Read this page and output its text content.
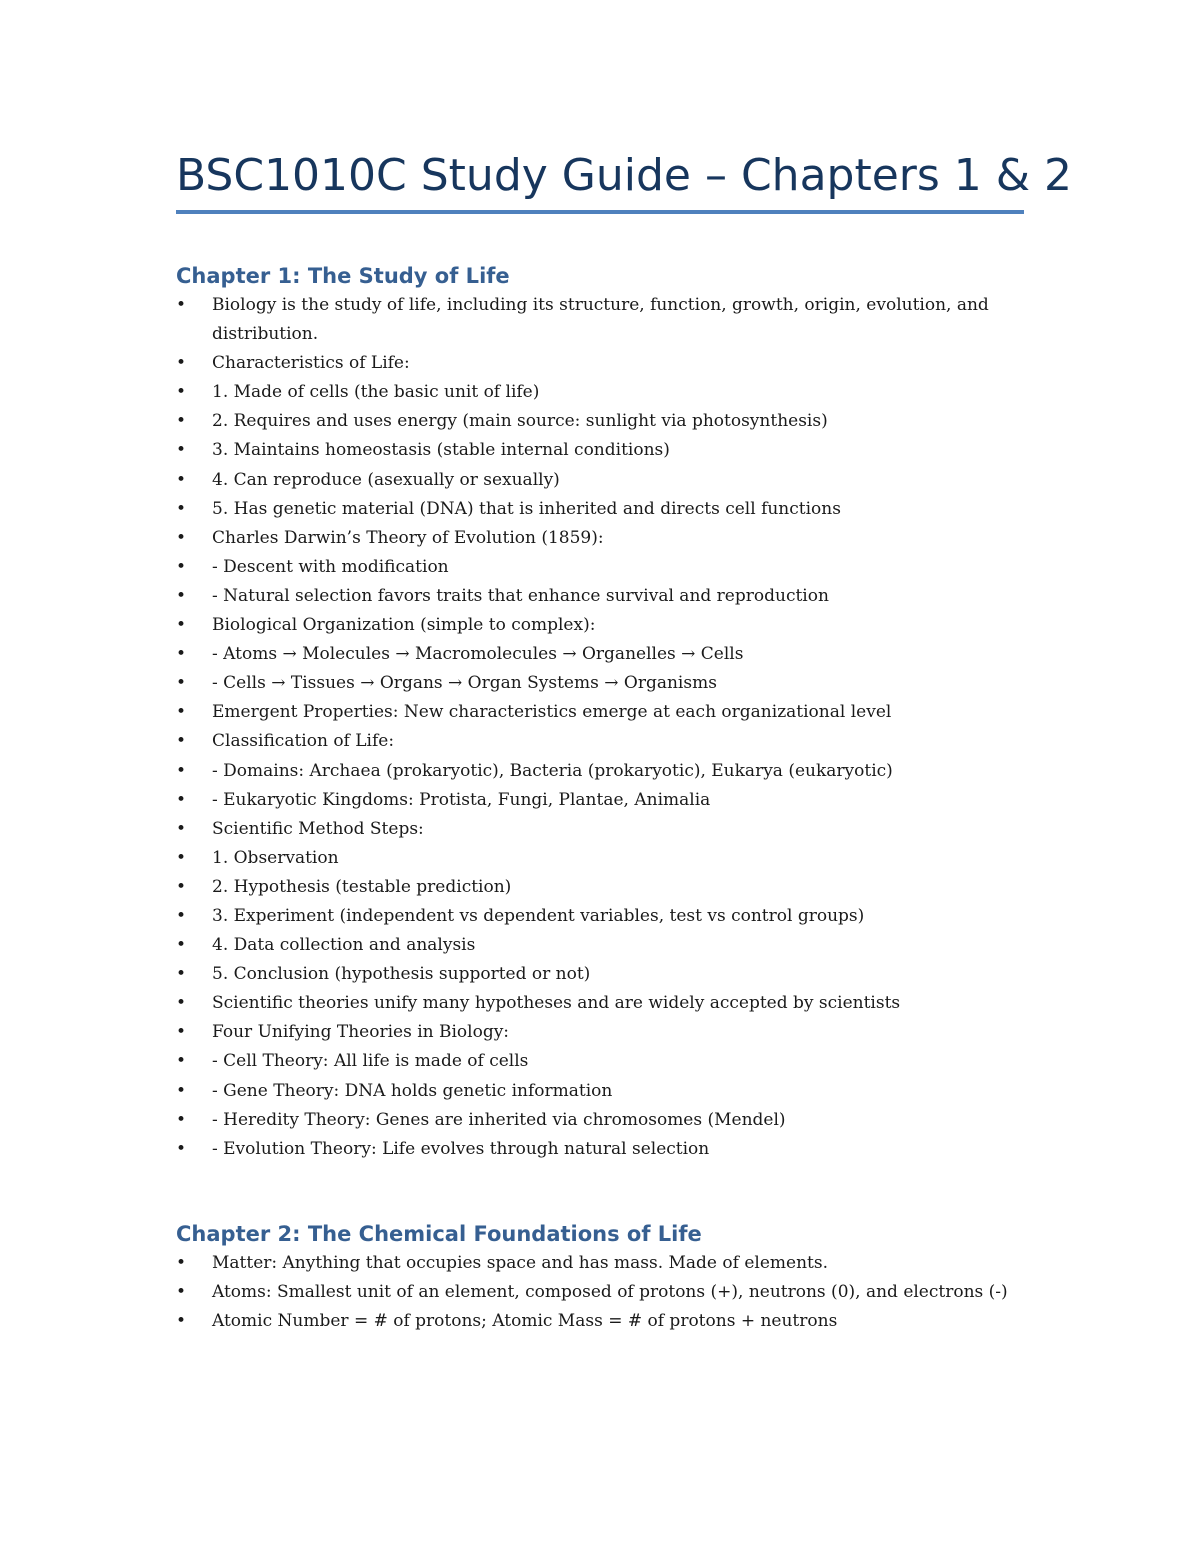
BSC1010C Study Guide – Chapters 1 & 2
Chapter 1: The Study of Life
• Biology is the study of life, including its structure, function, growth, origin, evolution, and distribution.
• Characteristics of Life:
• 1. Made of cells (the basic unit of life)
• 2. Requires and uses energy (main source: sunlight via photosynthesis)
• 3. Maintains homeostasis (stable internal conditions)
• 4. Can reproduce (asexually or sexually)
• 5. Has genetic material (DNA) that is inherited and directs cell functions
• Charles Darwin’s Theory of Evolution (1859):
• - Descent with modification
• - Natural selection favors traits that enhance survival and reproduction
• Biological Organization (simple to complex):
• - Atoms → Molecules → Macromolecules → Organelles → Cells
• - Cells → Tissues → Organs → Organ Systems → Organisms
• Emergent Properties: New characteristics emerge at each organizational level
• Classification of Life:
• - Domains: Archaea (prokaryotic), Bacteria (prokaryotic), Eukarya (eukaryotic)
• - Eukaryotic Kingdoms: Protista, Fungi, Plantae, Animalia
• Scientific Method Steps:
• 1. Observation
• 2. Hypothesis (testable prediction)
• 3. Experiment (independent vs dependent variables, test vs control groups)
• 4. Data collection and analysis
• 5. Conclusion (hypothesis supported or not)
• Scientific theories unify many hypotheses and are widely accepted by scientists
• Four Unifying Theories in Biology:
• - Cell Theory: All life is made of cells
• - Gene Theory: DNA holds genetic information
• - Heredity Theory: Genes are inherited via chromosomes (Mendel)
• - Evolution Theory: Life evolves through natural selection
Chapter 2: The Chemical Foundations of Life
• Matter: Anything that occupies space and has mass. Made of elements.
• Atoms: Smallest unit of an element, composed of protons (+), neutrons (0), and electrons (-)
• Atomic Number = # of protons; Atomic Mass = # of protons + neutrons
